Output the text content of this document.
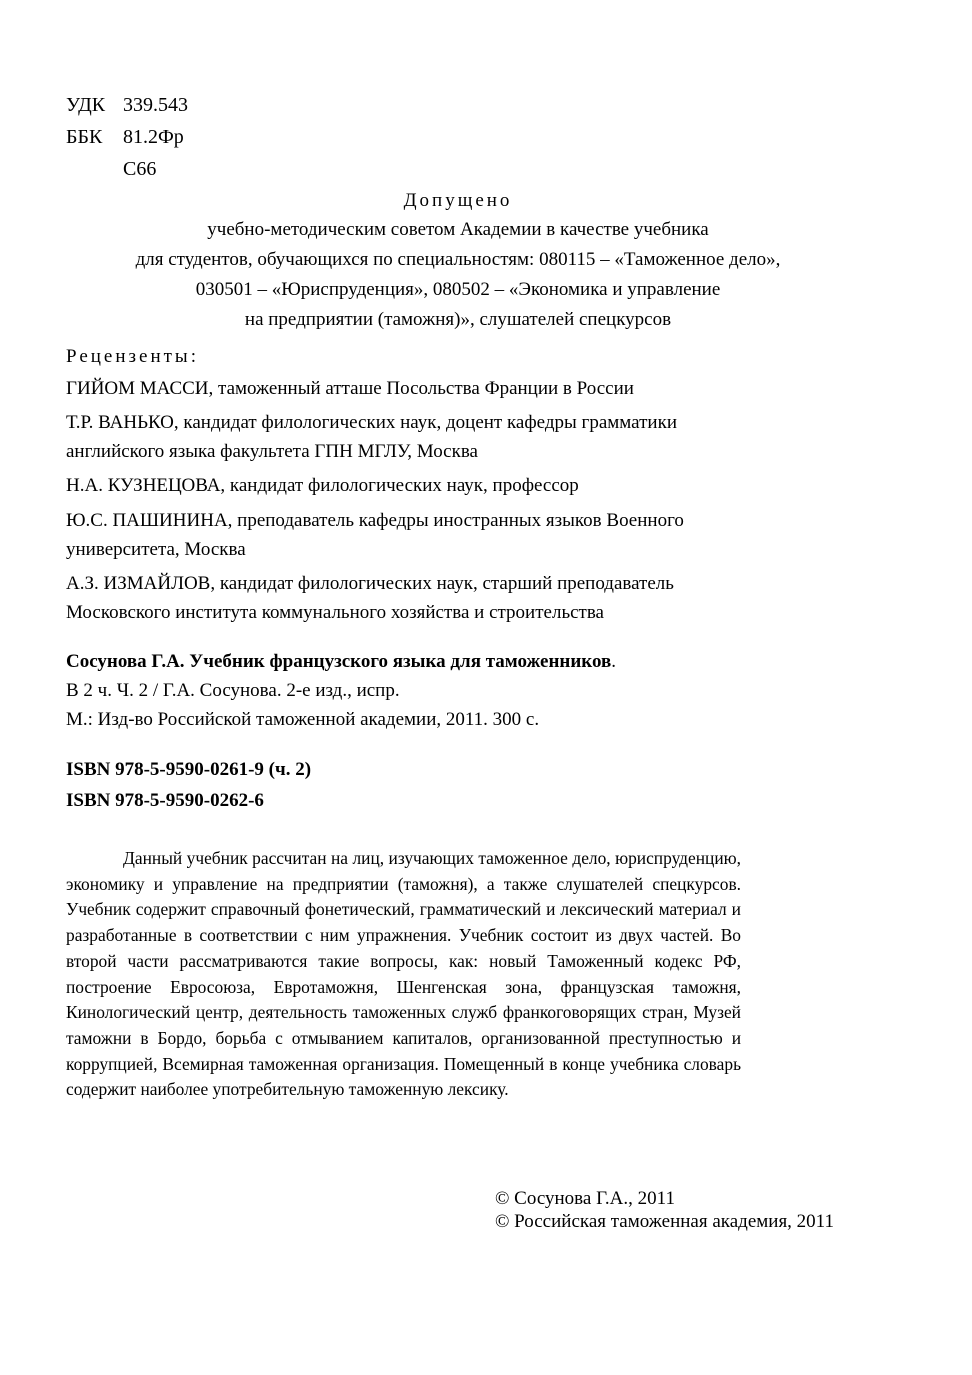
УДК 339.543
ББК 81.2Фр
С66
Допущено
учебно-методическим советом Академии в качестве учебника
для студентов, обучающихся по специальностям: 080115 – «Таможенное дело»,
030501 – «Юриспруденция», 080502 – «Экономика и управление
на предприятии (таможня)», слушателей спецкурсов
Рецензенты:
ГИЙОМ МАССИ, таможенный атташе Посольства Франции в России
Т.Р. ВАНЬКО, кандидат филологических наук, доцент кафедры грамматики
английского языка факультета ГПН МГЛУ, Москва
Н.А. КУЗНЕЦОВА, кандидат филологических наук, профессор
Ю.С. ПАШИНИНА, преподаватель кафедры иностранных языков Военного
университета, Москва
А.З. ИЗМАЙЛОВ, кандидат филологических наук, старший преподаватель
Московского института коммунального хозяйства и строительства
Сосунова Г.А. Учебник французского языка для таможенников.
В 2 ч. Ч. 2 / Г.А. Сосунова. 2-е изд., испр.
М.: Изд-во Российской таможенной академии, 2011. 300 с.
ISBN 978-5-9590-0261-9 (ч. 2)
ISBN 978-5-9590-0262-6

Данный учебник рассчитан на лиц, изучающих таможенное дело, юриспруденцию, экономику и управление на предприятии (таможня), а также слушателей спецкурсов. Учебник содержит справочный фонетический, грамматический и лексический материал и разработанные в соответствии с ним упражнения. Учебник состоит из двух частей. Во второй части рассматриваются такие вопросы, как: новый Таможенный кодекс РФ, построение Евросоюза, Евротаможня, Шенгенская зона, французская таможня, Кинологический центр, деятельность таможенных служб франкоговорящих стран, Музей таможни в Бордо, борьба с отмыванием капиталов, организованной преступностью и коррупцией, Всемирная таможенная организация. Помещенный в конце учебника словарь содержит наиболее употребительную таможенную лексику.

© Сосунова Г.А., 2011
© Российская таможенная академия, 2011
